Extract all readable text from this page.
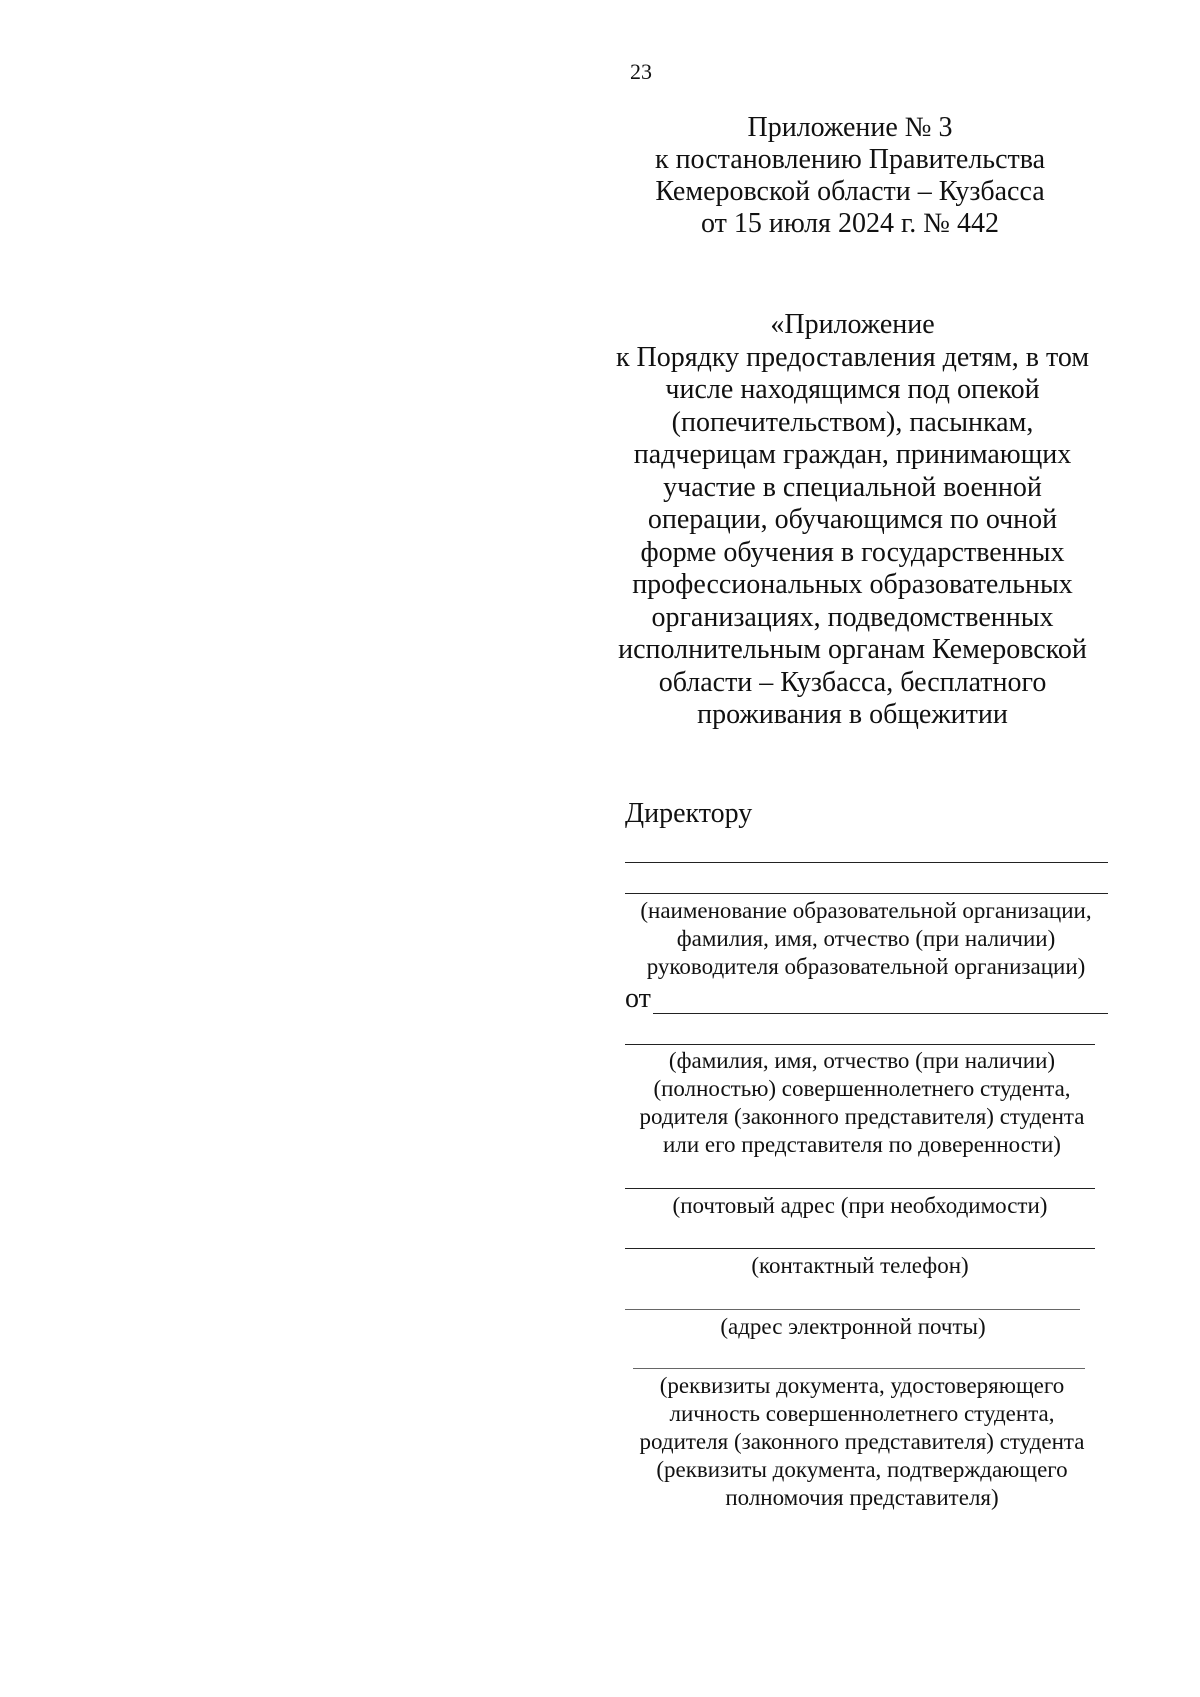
23
Приложение № 3
к постановлению Правительства
Кемеровской области – Кузбасса
от 15 июля 2024 г. № 442
«Приложение
к Порядку предоставления детям, в том
числе находящимся под опекой
(попечительством), пасынкам,
падчерицам граждан, принимающих
участие в специальной военной
операции, обучающимся по очной
форме обучения в государственных
профессиональных образовательных
организациях, подведомственных
исполнительным органам Кемеровской
области – Кузбасса, бесплатного
проживания в общежитии
Директору
(наименование образовательной организации,
фамилия, имя, отчество (при наличии)
руководителя образовательной организации)
от
(фамилия, имя, отчество (при наличии)
(полностью) совершеннолетнего студента,
родителя (законного представителя) студента
или его представителя по доверенности)
(почтовый адрес (при необходимости)
(контактный телефон)
(адрес электронной почты)
(реквизиты документа, удостоверяющего
личность совершеннолетнего студента,
родителя (законного представителя) студента
(реквизиты документа, подтверждающего
полномочия представителя)
